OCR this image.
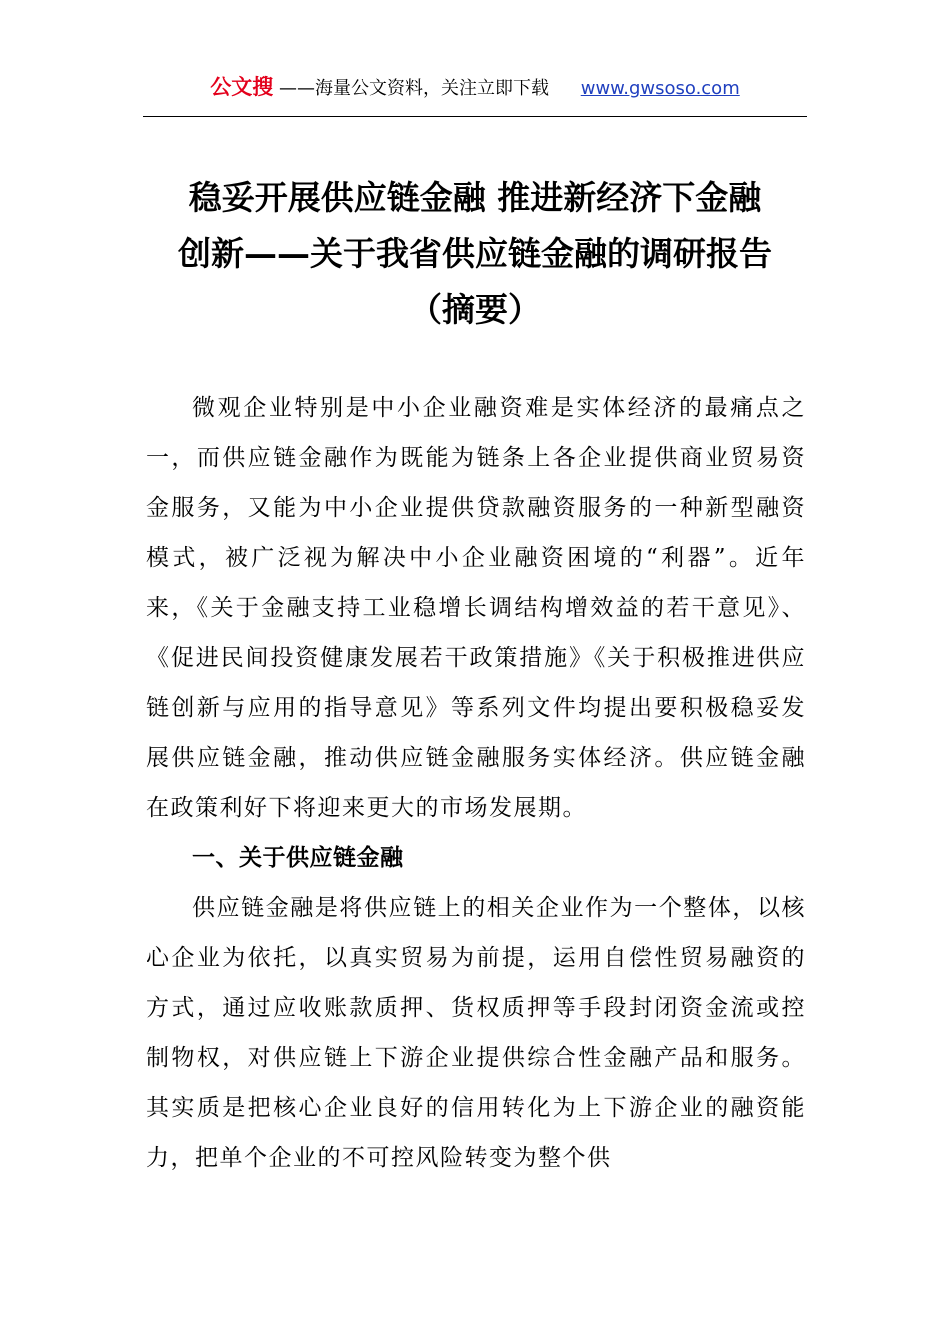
公文搜 ——海量公文资料，关注立即下载 www.gwsoso.com
稳妥开展供应链金融 推进新经济下金融
创新——关于我省供应链金融的调研报告
（摘要）

微观企业特别是中小企业融资难是实体经济的最痛点之一，而供应链金融作为既能为链条上各企业提供商业贸易资金服务，又能为中小企业提供贷款融资服务的一种新型融资模式，被广泛视为解决中小企业融资困境的“利器”。近年来，《关于金融支持工业稳增长调结构增效益的若干意见》、《促进民间投资健康发展若干政策措施》《关于积极推进供应链创新与应用的指导意见》等系列文件均提出要积极稳妥发展供应链金融，推动供应链金融服务实体经济。供应链金融在政策利好下将迎来更大的市场发展期。

一、关于供应链金融

供应链金融是将供应链上的相关企业作为一个整体，以核心企业为依托，以真实贸易为前提，运用自偿性贸易融资的方式，通过应收账款质押、货权质押等手段封闭资金流或控制物权，对供应链上下游企业提供综合性金融产品和服务。其实质是把核心企业良好的信用转化为上下游企业的融资能力，把单个企业的不可控风险转变为整个供
